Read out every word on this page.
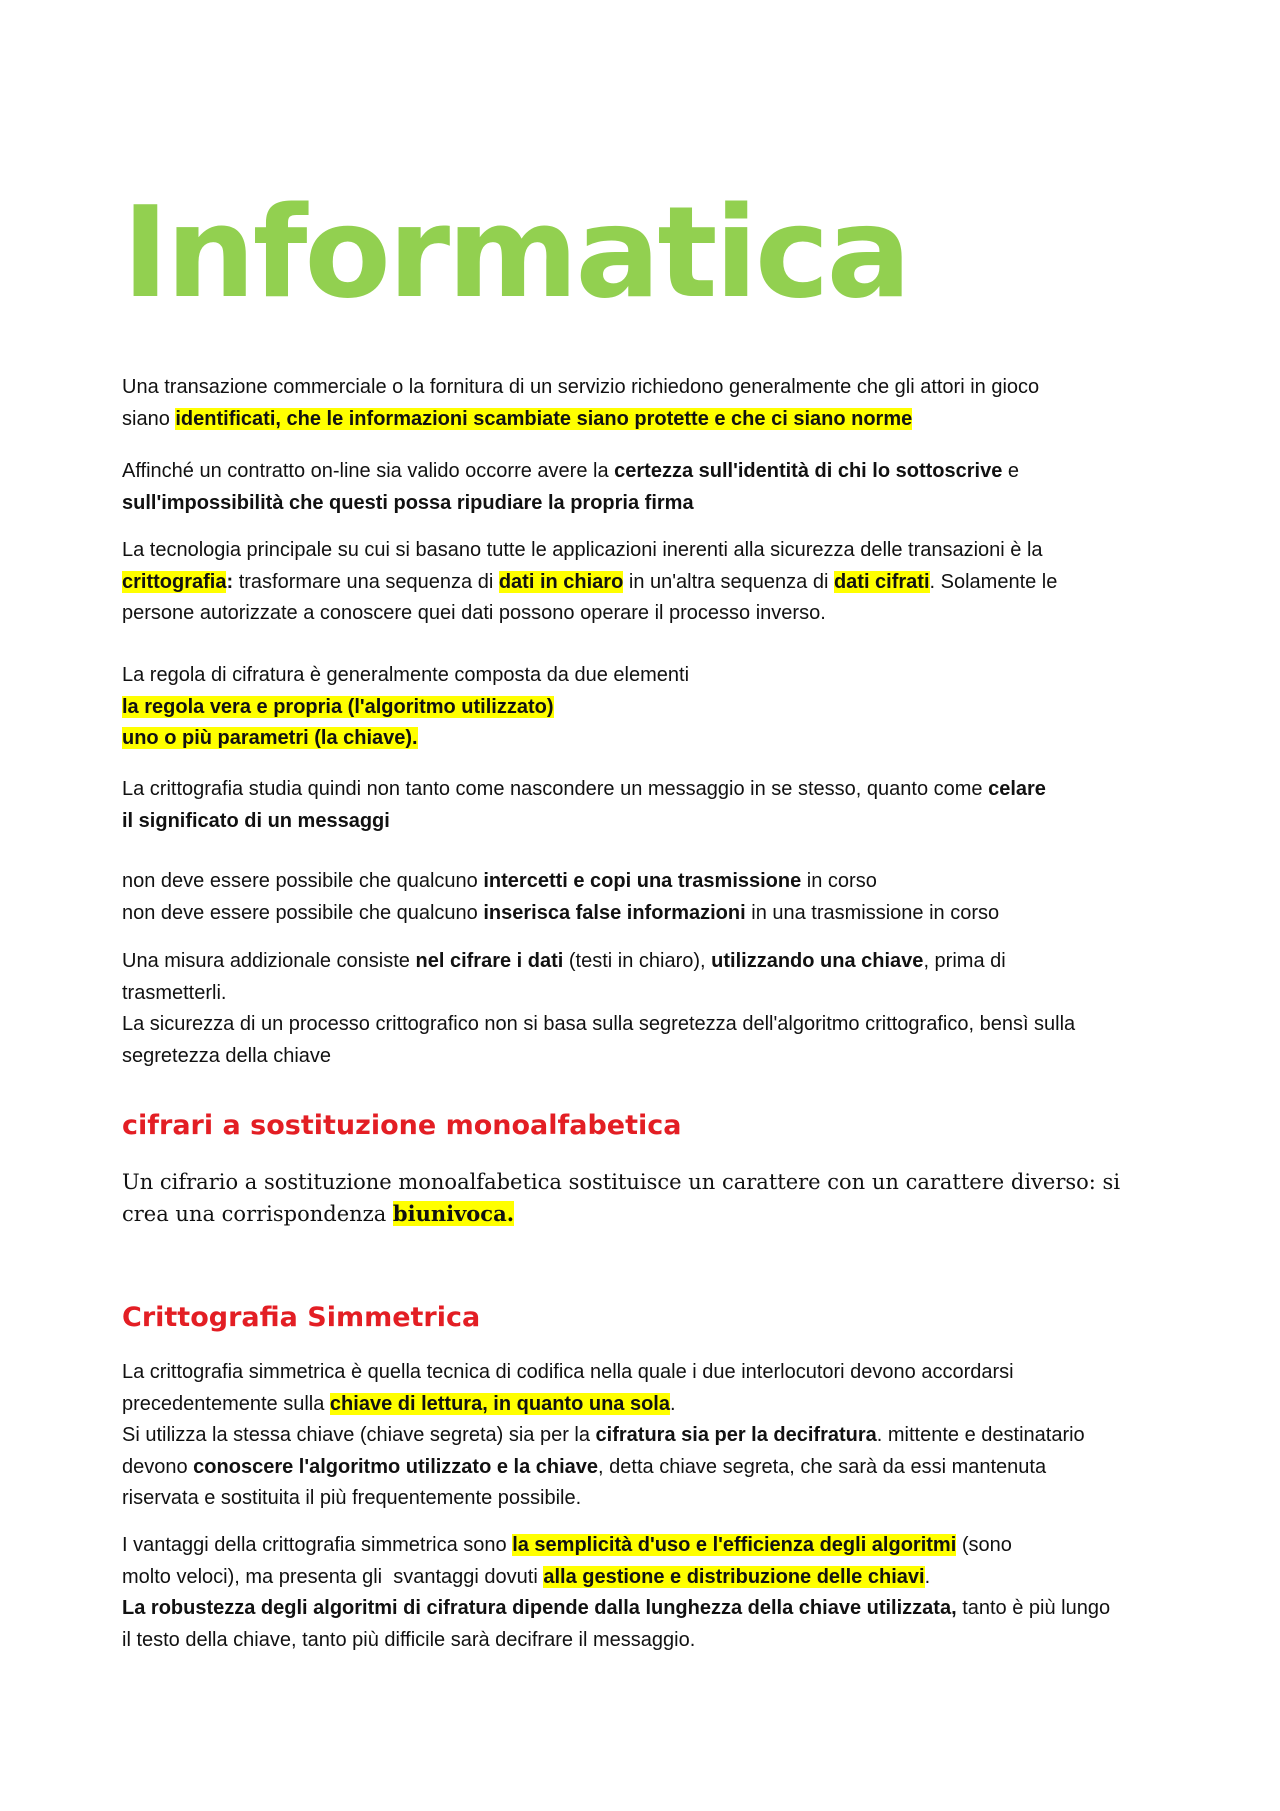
Informatica

Una transazione commerciale o la fornitura di un servizio richiedono generalmente che gli attori in gioco
siano identificati, che le informazioni scambiate siano protette e che ci siano norme

Affinché un contratto on-line sia valido occorre avere la certezza sull'identità di chi lo sottoscrive e
sull'impossibilità che questi possa ripudiare la propria firma

La tecnologia principale su cui si basano tutte le applicazioni inerenti alla sicurezza delle transazioni è la
crittografia: trasformare una sequenza di dati in chiaro in un'altra sequenza di dati cifrati. Solamente le
persone autorizzate a conoscere quei dati possono operare il processo inverso.

La regola di cifratura è generalmente composta da due elementi
la regola vera e propria (l'algoritmo utilizzato)
uno o più parametri (la chiave).

La crittografia studia quindi non tanto come nascondere un messaggio in se stesso, quanto come celare
il significato di un messaggi

non deve essere possibile che qualcuno intercetti e copi una trasmissione in corso
non deve essere possibile che qualcuno inserisca false informazioni in una trasmissione in corso

Una misura addizionale consiste nel cifrare i dati (testi in chiaro), utilizzando una chiave, prima di
trasmetterli.
La sicurezza di un processo crittografico non si basa sulla segretezza dell'algoritmo crittografico, bensì sulla
segretezza della chiave

cifrari a sostituzione monoalfabetica

Un cifrario a sostituzione monoalfabetica sostituisce un carattere con un carattere diverso: si
crea una corrispondenza biunivoca.

Crittografia Simmetrica

La crittografia simmetrica è quella tecnica di codifica nella quale i due interlocutori devono accordarsi
precedentemente sulla chiave di lettura, in quanto una sola.
Si utilizza la stessa chiave (chiave segreta) sia per la cifratura sia per la decifratura. mittente e destinatario
devono conoscere l'algoritmo utilizzato e la chiave, detta chiave segreta, che sarà da essi mantenuta
riservata e sostituita il più frequentemente possibile.

I vantaggi della crittografia simmetrica sono la semplicità d'uso e l'efficienza degli algoritmi (sono
molto veloci), ma presenta gli  svantaggi dovuti alla gestione e distribuzione delle chiavi.
La robustezza degli algoritmi di cifratura dipende dalla lunghezza della chiave utilizzata, tanto è più lungo
il testo della chiave, tanto più difficile sarà decifrare il messaggio.
